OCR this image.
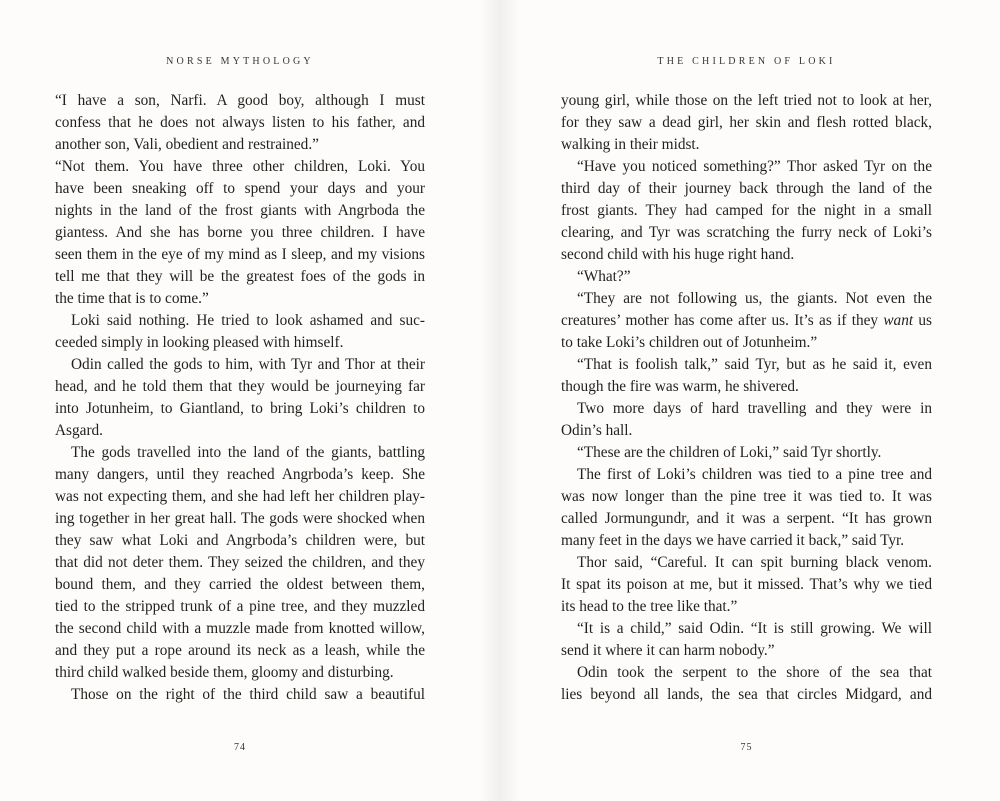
NORSE MYTHOLOGY
“I have a son, Narfi. A good boy, although I must
confess that he does not always listen to his father, and
another son, Vali, obedient and restrained.”
“Not them. You have three other children, Loki. You
have been sneaking off to spend your days and your
nights in the land of the frost giants with Angrboda the
giantess. And she has borne you three children. I have
seen them in the eye of my mind as I sleep, and my visions
tell me that they will be the greatest foes of the gods in
the time that is to come.”
Loki said nothing. He tried to look ashamed and suc-
ceeded simply in looking pleased with himself.
Odin called the gods to him, with Tyr and Thor at their
head, and he told them that they would be journeying far
into Jotunheim, to Giantland, to bring Loki’s children to
Asgard.
The gods travelled into the land of the giants, battling
many dangers, until they reached Angrboda’s keep. She
was not expecting them, and she had left her children play-
ing together in her great hall. The gods were shocked when
they saw what Loki and Angrboda’s children were, but
that did not deter them. They seized the children, and they
bound them, and they carried the oldest between them,
tied to the stripped trunk of a pine tree, and they muzzled
the second child with a muzzle made from knotted willow,
and they put a rope around its neck as a leash, while the
third child walked beside them, gloomy and disturbing.
Those on the right of the third child saw a beautiful
74
THE CHILDREN OF LOKI
young girl, while those on the left tried not to look at her,
for they saw a dead girl, her skin and flesh rotted black,
walking in their midst.
“Have you noticed something?” Thor asked Tyr on the
third day of their journey back through the land of the
frost giants. They had camped for the night in a small
clearing, and Tyr was scratching the furry neck of Loki’s
second child with his huge right hand.
“What?”
“They are not following us, the giants. Not even the
creatures’ mother has come after us. It’s as if they want us
to take Loki’s children out of Jotunheim.”
“That is foolish talk,” said Tyr, but as he said it, even
though the fire was warm, he shivered.
Two more days of hard travelling and they were in
Odin’s hall.
“These are the children of Loki,” said Tyr shortly.
The first of Loki’s children was tied to a pine tree and
was now longer than the pine tree it was tied to. It was
called Jormungundr, and it was a serpent. “It has grown
many feet in the days we have carried it back,” said Tyr.
Thor said, “Careful. It can spit burning black venom.
It spat its poison at me, but it missed. That’s why we tied
its head to the tree like that.”
“It is a child,” said Odin. “It is still growing. We will
send it where it can harm nobody.”
Odin took the serpent to the shore of the sea that
lies beyond all lands, the sea that circles Midgard, and
75
